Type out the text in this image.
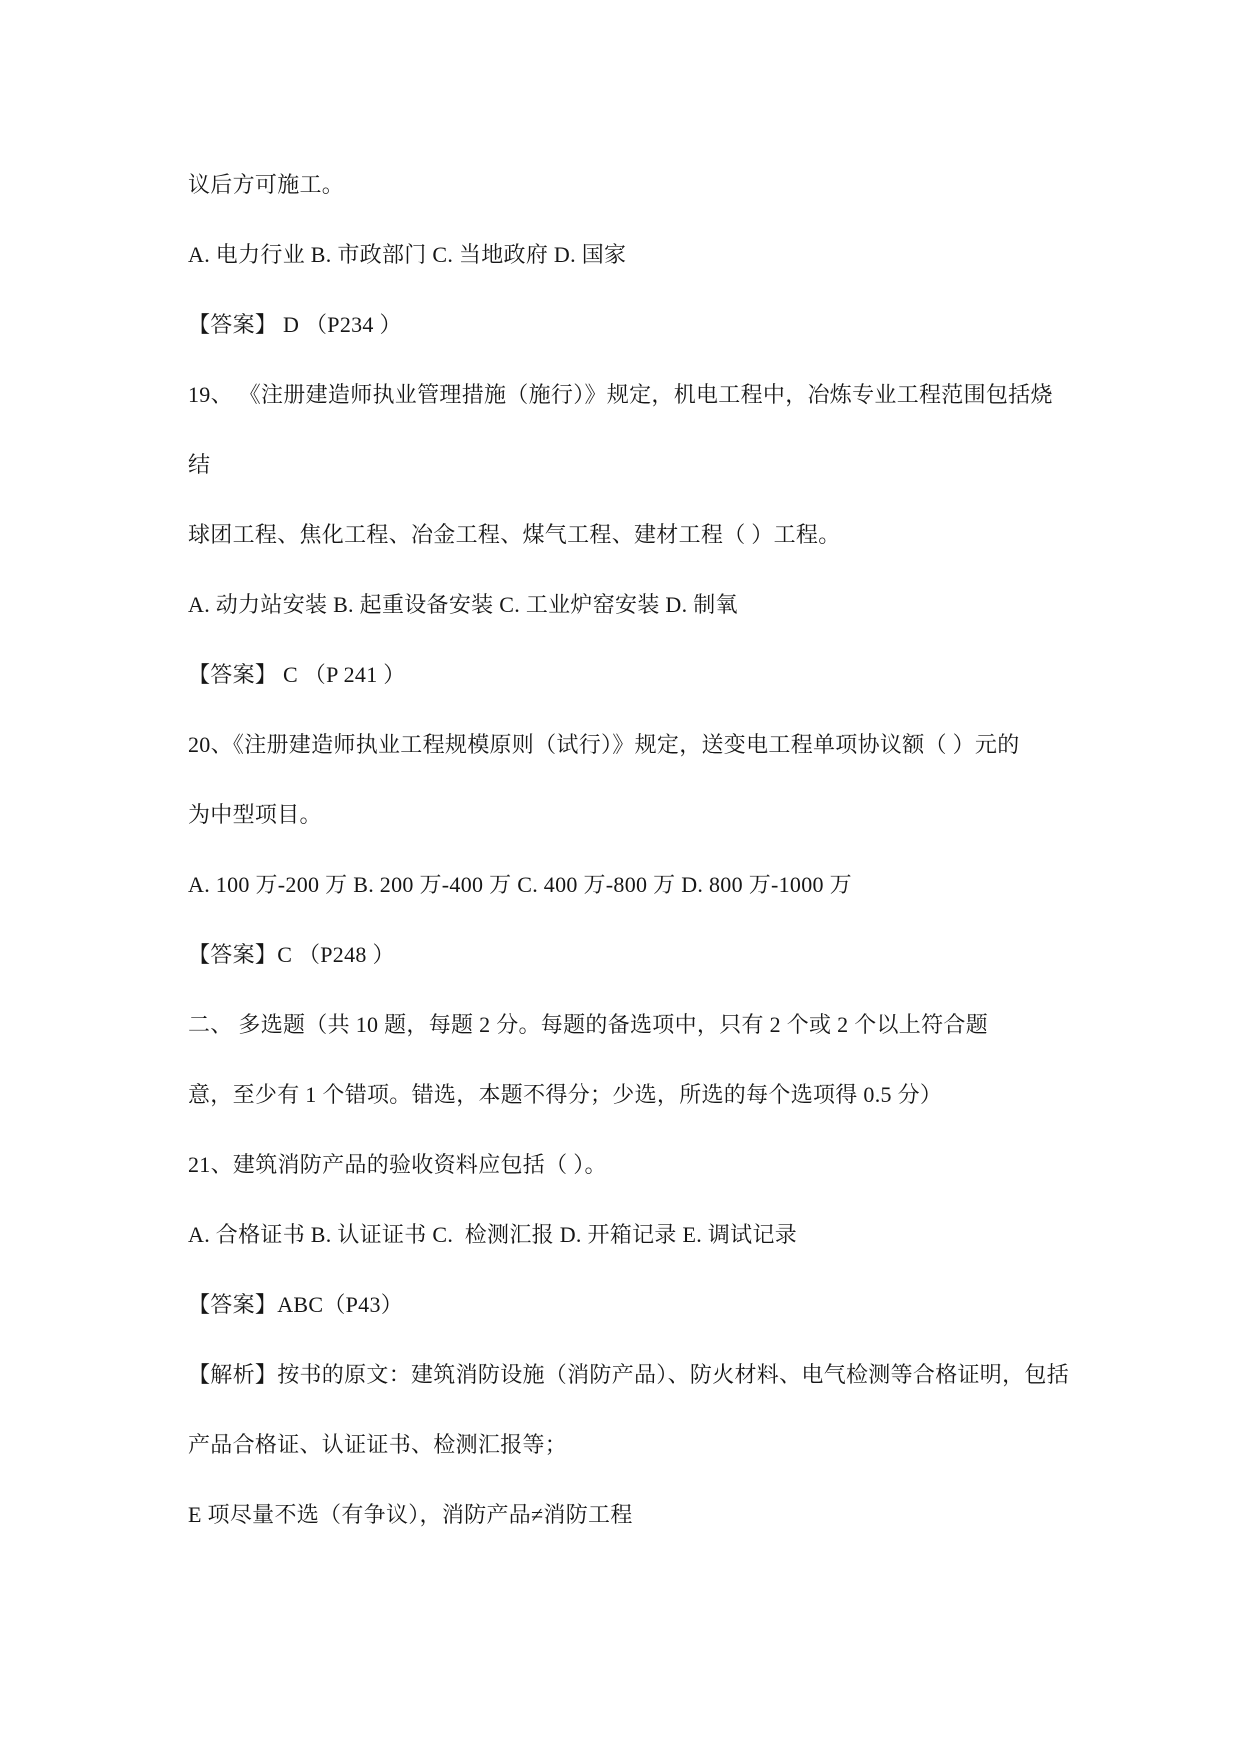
议后方可施工。

A. 电力行业 B. 市政部门 C. 当地政府 D. 国家

【答案】 D （P234 ）

19、 《注册建造师执业管理措施（施行）》规定，机电工程中，冶炼专业工程范围包括烧

结

球团工程、焦化工程、冶金工程、煤气工程、建材工程（ ）工程。

A. 动力站安装 B. 起重设备安装 C. 工业炉窑安装 D. 制氧

【答案】 C （P 241 ）

20、《注册建造师执业工程规模原则（试行）》规定，送变电工程单项协议额（ ）元的

为中型项目。

A. 100 万-200 万 B. 200 万-400 万 C. 400 万-800 万 D. 800 万-1000 万

【答案】C （P248 ）

二、 多选题（共 10 题，每题 2 分。每题的备选项中，只有 2 个或 2 个以上符合题

意，至少有 1 个错项。错选，本题不得分；少选，所选的每个选项得 0.5 分）

21、建筑消防产品的验收资料应包括（ ）。

A. 合格证书 B. 认证证书 C.  检测汇报 D. 开箱记录 E. 调试记录

【答案】ABC（P43）

【解析】按书的原文：建筑消防设施（消防产品）、防火材料、电气检测等合格证明，包括

产品合格证、认证证书、检测汇报等；

E 项尽量不选（有争议），消防产品≠消防工程
